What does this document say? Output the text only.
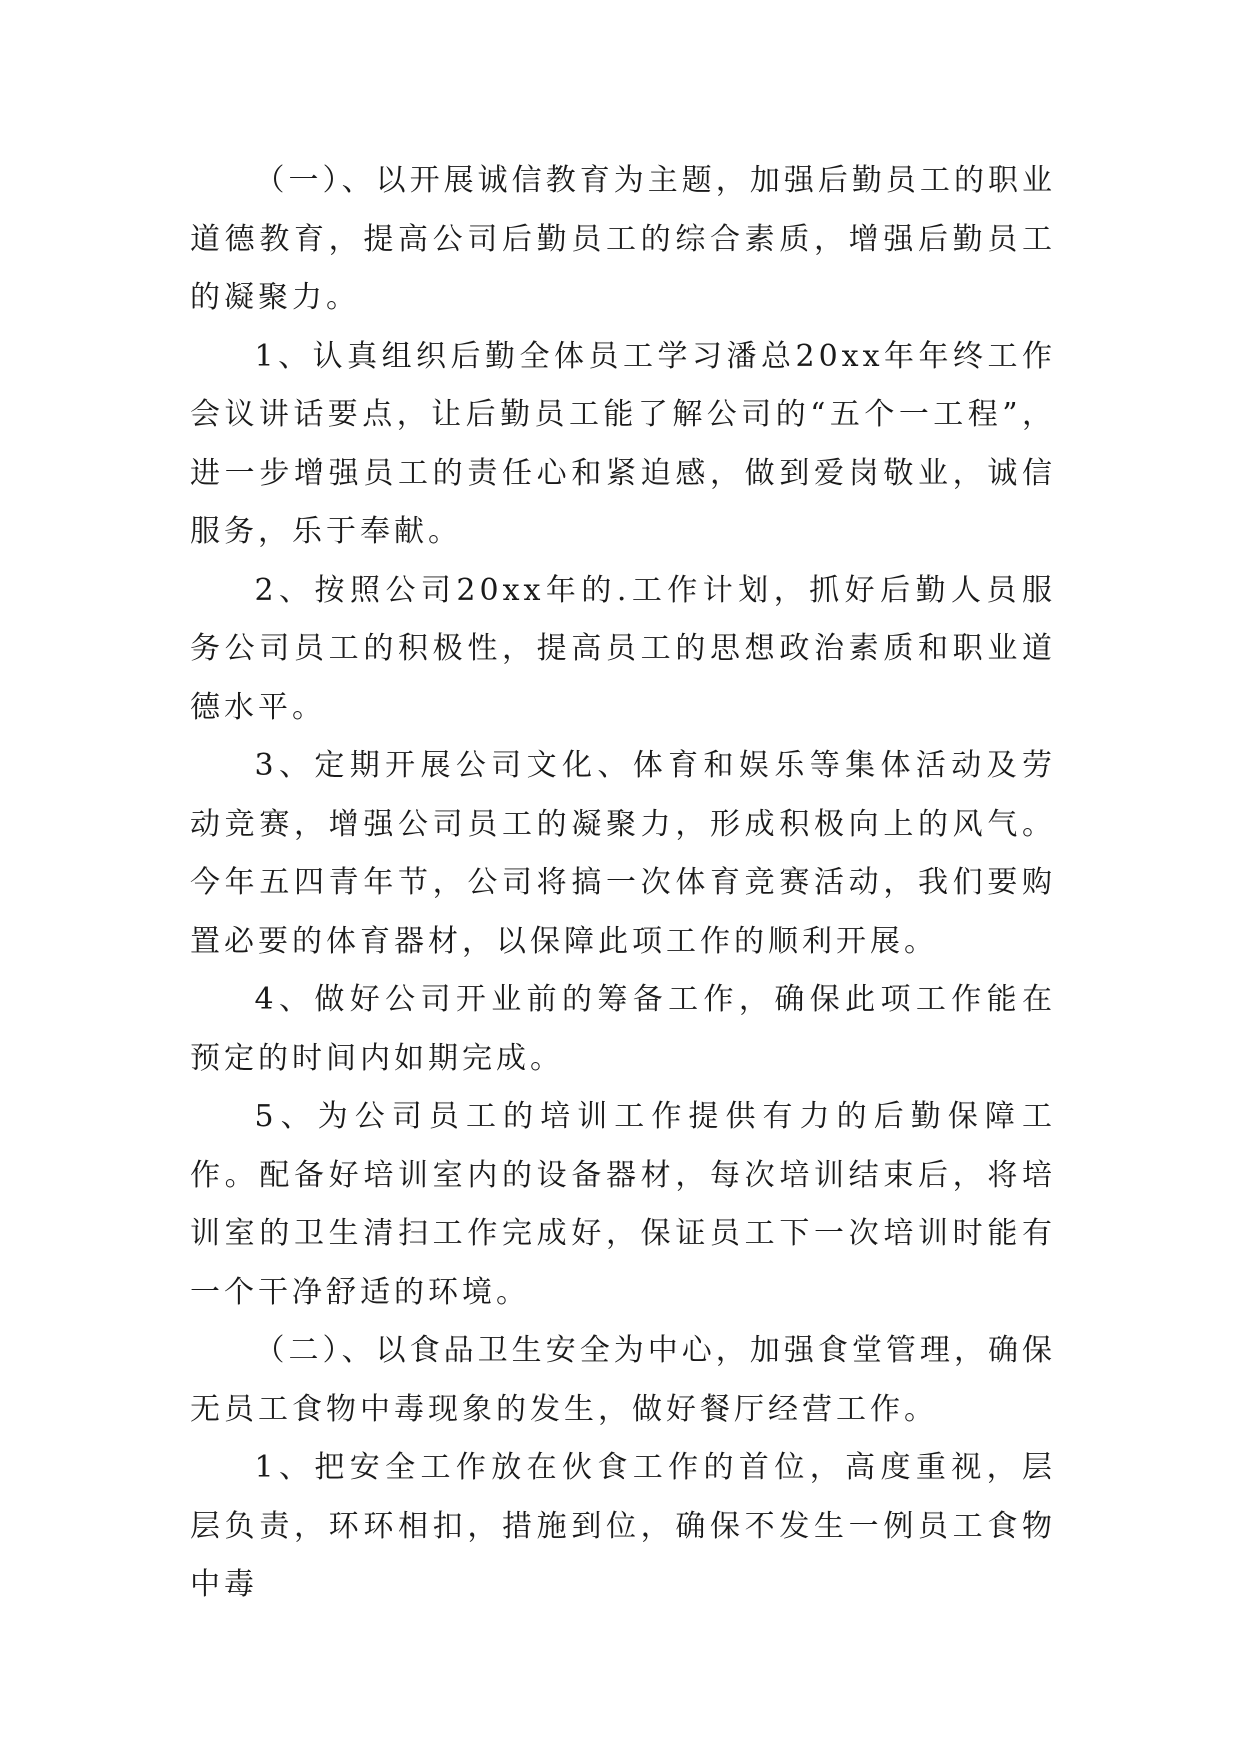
（一）、以开展诚信教育为主题，加强后勤员工的职业道德教育，提高公司后勤员工的综合素质，增强后勤员工的凝聚力。

1、认真组织后勤全体员工学习潘总20xx年年终工作会议讲话要点，让后勤员工能了解公司的“五个一工程”，进一步增强员工的责任心和紧迫感，做到爱岗敬业，诚信服务，乐于奉献。

2、按照公司20xx年的.工作计划，抓好后勤人员服务公司员工的积极性，提高员工的思想政治素质和职业道德水平。

3、定期开展公司文化、体育和娱乐等集体活动及劳动竞赛，增强公司员工的凝聚力，形成积极向上的风气。今年五四青年节，公司将搞一次体育竞赛活动，我们要购置必要的体育器材，以保障此项工作的顺利开展。

4、做好公司开业前的筹备工作，确保此项工作能在预定的时间内如期完成。

5、为公司员工的培训工作提供有力的后勤保障工作。配备好培训室内的设备器材，每次培训结束后，将培训室的卫生清扫工作完成好，保证员工下一次培训时能有一个干净舒适的环境。

（二）、以食品卫生安全为中心，加强食堂管理，确保无员工食物中毒现象的发生，做好餐厅经营工作。

1、把安全工作放在伙食工作的首位，高度重视，层层负责，环环相扣，措施到位，确保不发生一例员工食物中毒
